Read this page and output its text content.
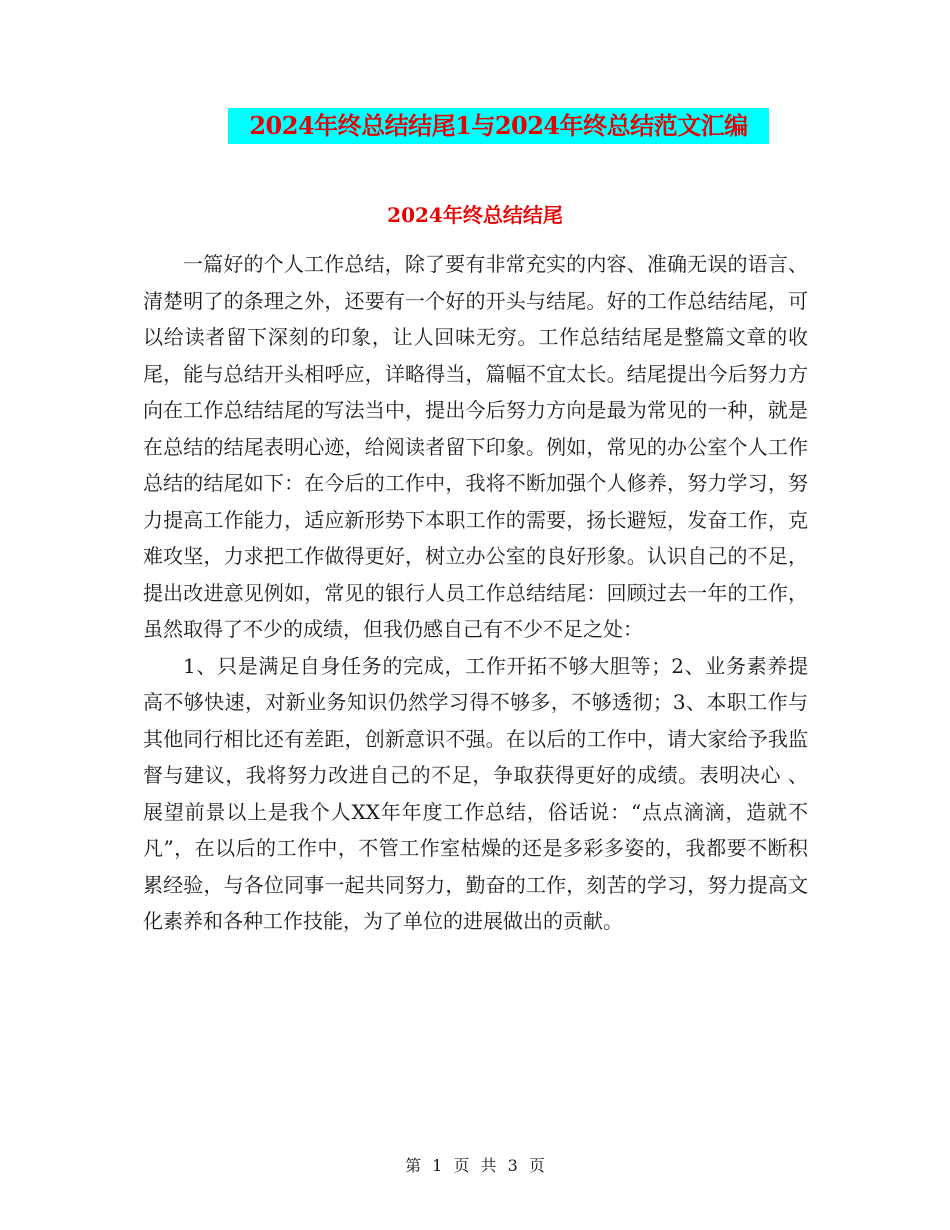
2024年终总结结尾1与2024年终总结范文汇编
2024年终总结结尾

一篇好的个人工作总结，除了要有非常充实的内容、准确无误的语言、清楚明了的条理之外，还要有一个好的开头与结尾。好的工作总结结尾，可以给读者留下深刻的印象，让人回味无穷。工作总结结尾是整篇文章的收尾，能与总结开头相呼应，详略得当，篇幅不宜太长。结尾提出今后努力方向在工作总结结尾的写法当中，提出今后努力方向是最为常见的一种，就是在总结的结尾表明心迹，给阅读者留下印象。例如，常见的办公室个人工作总结的结尾如下：在今后的工作中，我将不断加强个人修养，努力学习，努力提高工作能力，适应新形势下本职工作的需要，扬长避短，发奋工作，克难攻坚，力求把工作做得更好，树立办公室的良好形象。认识自己的不足，提出改进意见例如，常见的银行人员工作总结结尾：回顾过去一年的工作，虽然取得了不少的成绩，但我仍感自己有不少不足之处：

1、只是满足自身任务的完成，工作开拓不够大胆等；2、业务素养提高不够快速，对新业务知识仍然学习得不够多，不够透彻；3、本职工作与其他同行相比还有差距，创新意识不强。在以后的工作中，请大家给予我监督与建议，我将努力改进自己的不足，争取获得更好的成绩。表明决心 、展望前景以上是我个人XX年年度工作总结，俗话说：“点点滴滴，造就不凡”，在以后的工作中，不管工作室枯燥的还是多彩多姿的，我都要不断积累经验，与各位同事一起共同努力，勤奋的工作，刻苦的学习，努力提高文化素养和各种工作技能，为了单位的进展做出的贡献。

第 1 页 共 3 页
